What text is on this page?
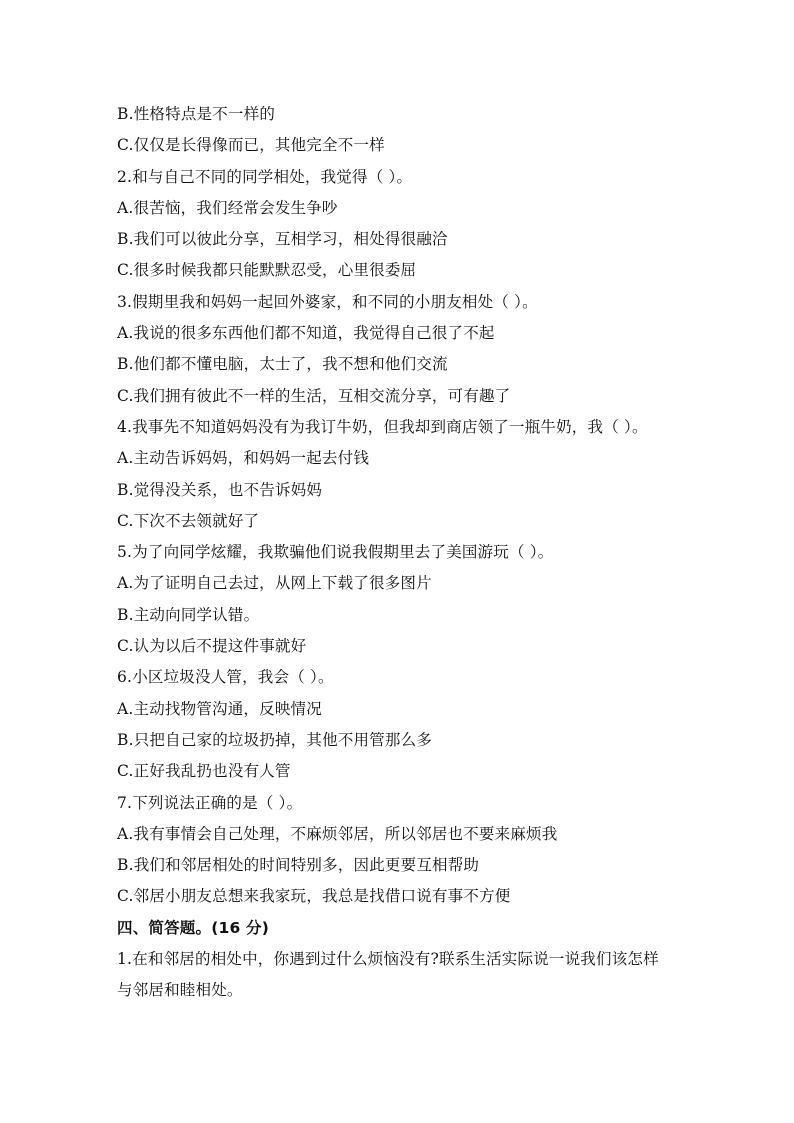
B.性格特点是不一样的
C.仅仅是长得像而已，其他完全不一样
2.和与自己不同的同学相处，我觉得（ ）。
A.很苦恼，我们经常会发生争吵
B.我们可以彼此分享，互相学习，相处得很融洽
C.很多时候我都只能默默忍受，心里很委屈
3.假期里我和妈妈一起回外婆家，和不同的小朋友相处（ ）。
A.我说的很多东西他们都不知道，我觉得自己很了不起
B.他们都不懂电脑，太士了，我不想和他们交流
C.我们拥有彼此不一样的生活，互相交流分享，可有趣了
4.我事先不知道妈妈没有为我订牛奶，但我却到商店领了一瓶牛奶，我（ ）。
A.主动告诉妈妈，和妈妈一起去付钱
B.觉得没关系，也不告诉妈妈
C.下次不去领就好了
5.为了向同学炫耀，我欺骗他们说我假期里去了美国游玩（ ）。
A.为了证明自己去过，从网上下载了很多图片
B.主动向同学认错。
C.认为以后不提这件事就好
6.小区垃圾没人管，我会（ ）。
A.主动找物管沟通，反映情况
B.只把自己家的垃圾扔掉，其他不用管那么多
C.正好我乱扔也没有人管
7.下列说法正确的是（ ）。
A.我有事情会自己处理，不麻烦邻居，所以邻居也不要来麻烦我
B.我们和邻居相处的时间特别多，因此更要互相帮助
C.邻居小朋友总想来我家玩，我总是找借口说有事不方便
四、简答题。(16 分)
1.在和邻居的相处中，你遇到过什么烦恼没有?联系生活实际说一说我们该怎样
与邻居和睦相处。
